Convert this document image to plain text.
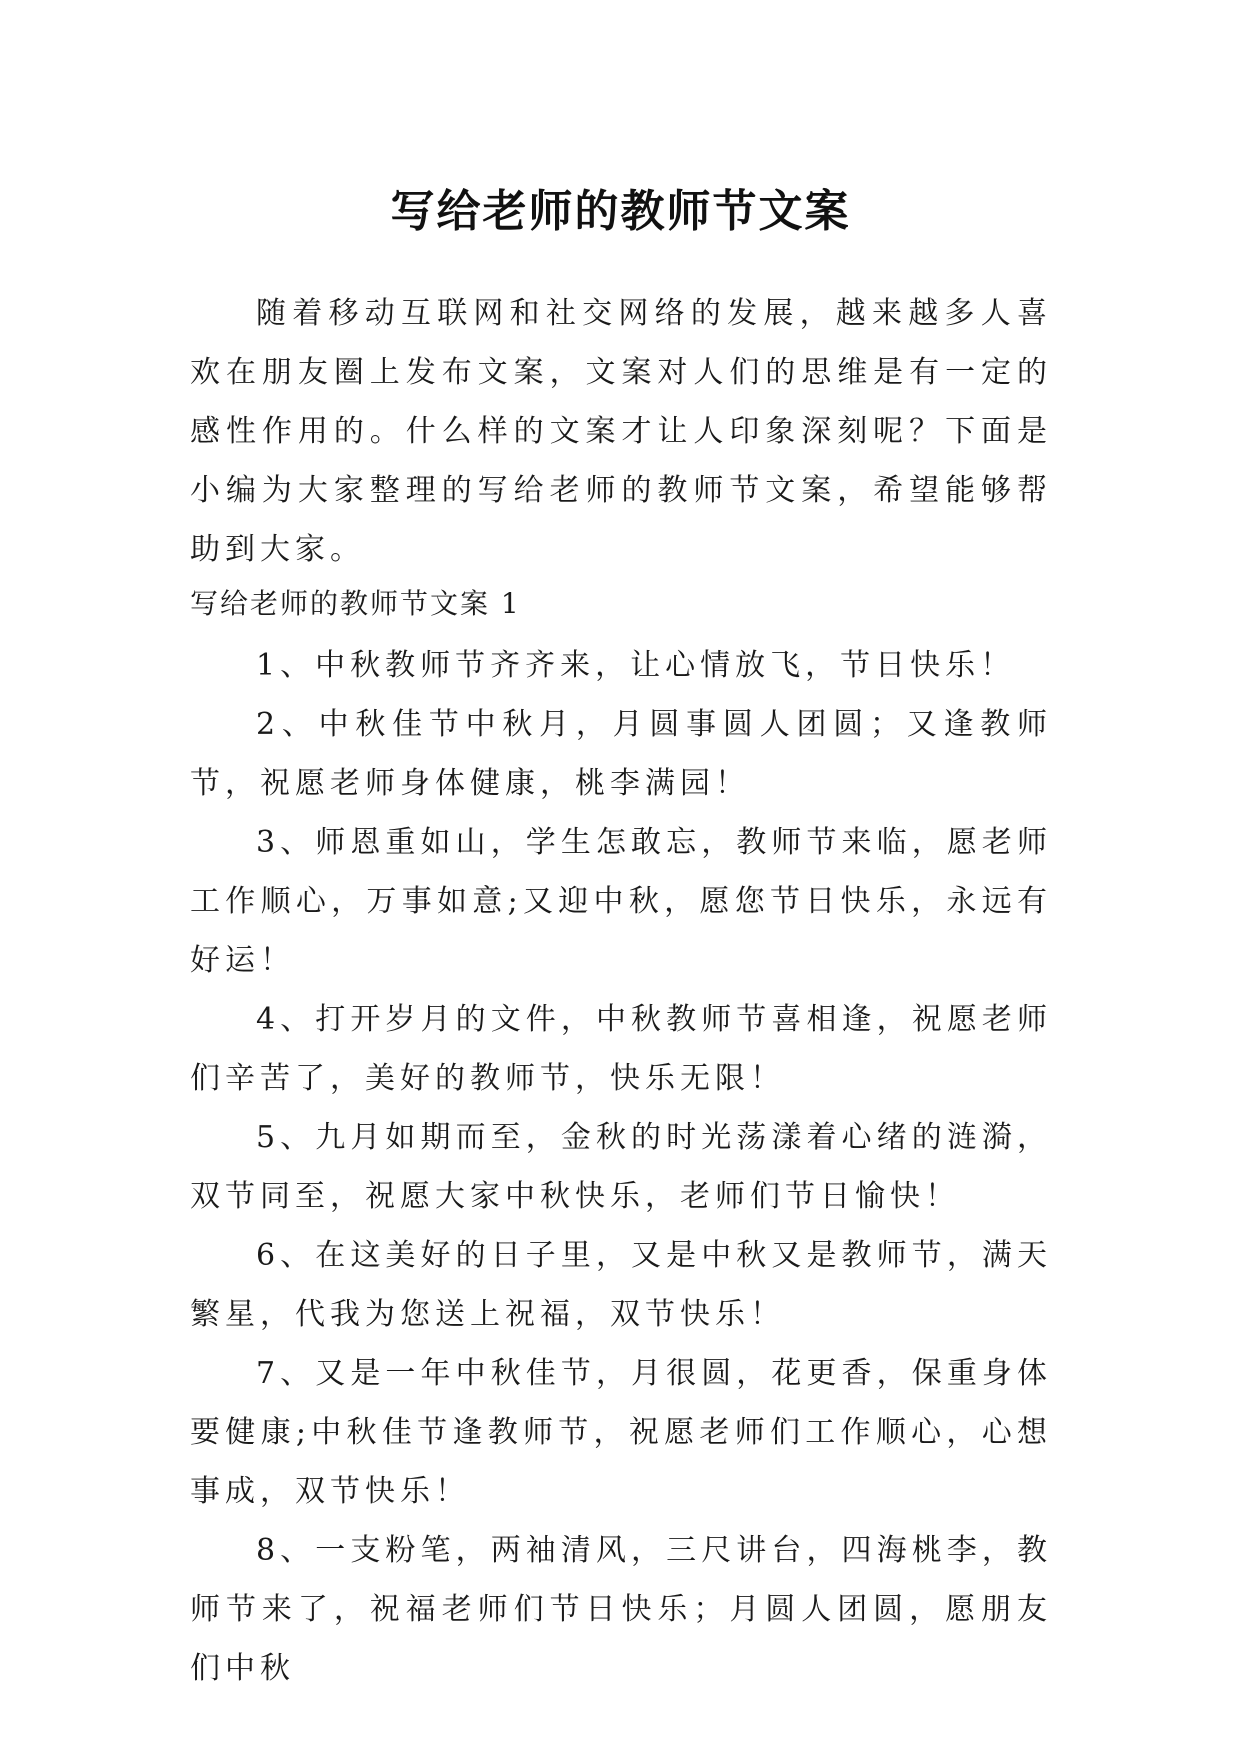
写给老师的教师节文案

随着移动互联网和社交网络的发展，越来越多人喜欢在朋友圈上发布文案，文案对人们的思维是有一定的感性作用的。什么样的文案才让人印象深刻呢？下面是小编为大家整理的写给老师的教师节文案，希望能够帮助到大家。

写给老师的教师节文案 1

1、中秋教师节齐齐来，让心情放飞，节日快乐！
2、中秋佳节中秋月，月圆事圆人团圆；又逢教师节，祝愿老师身体健康，桃李满园！
3、师恩重如山，学生怎敢忘，教师节来临，愿老师工作顺心，万事如意;又迎中秋，愿您节日快乐，永远有好运！
4、打开岁月的文件，中秋教师节喜相逢，祝愿老师们辛苦了，美好的教师节，快乐无限！
5、九月如期而至，金秋的时光荡漾着心绪的涟漪，双节同至，祝愿大家中秋快乐，老师们节日愉快！
6、在这美好的日子里，又是中秋又是教师节，满天繁星，代我为您送上祝福，双节快乐！
7、又是一年中秋佳节，月很圆，花更香，保重身体要健康;中秋佳节逢教师节，祝愿老师们工作顺心，心想事成，双节快乐！
8、一支粉笔，两袖清风，三尺讲台，四海桃李，教师节来了，祝福老师们节日快乐；月圆人团圆，愿朋友们中秋
